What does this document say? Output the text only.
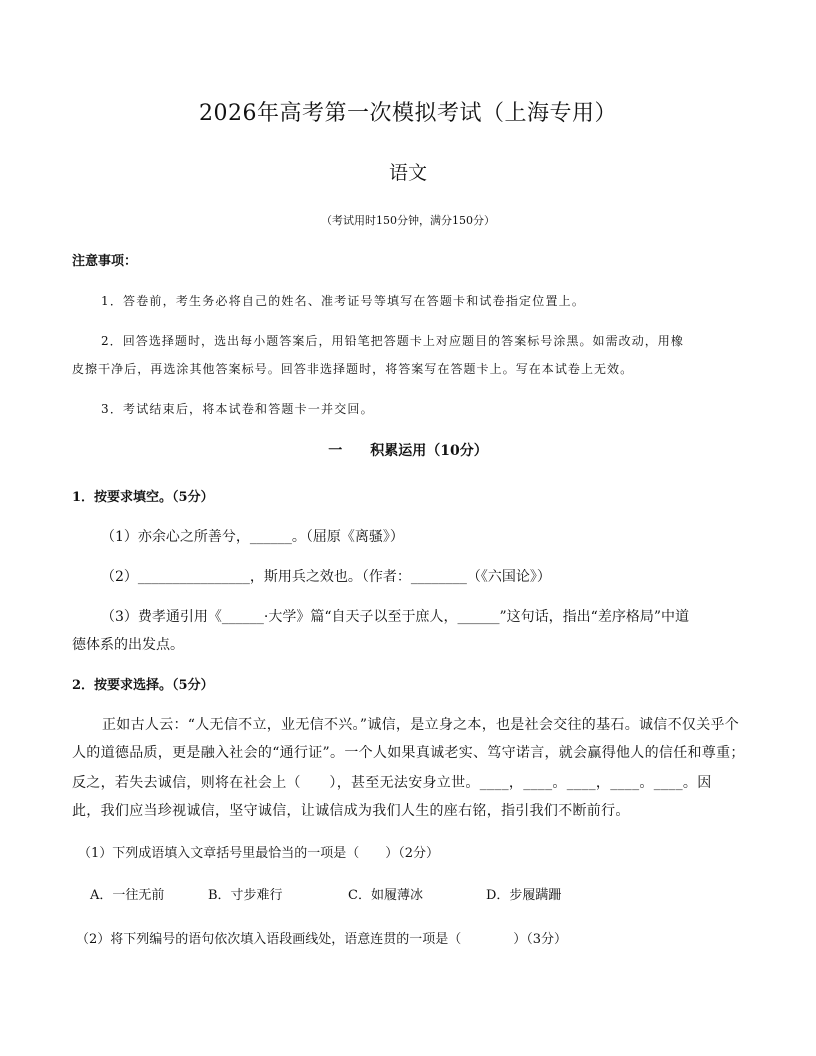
2026年高考第一次模拟考试（上海专用）
语文
（考试用时150分钟，满分150分）
注意事项：
1．答卷前，考生务必将自己的姓名、准考证号等填写在答题卡和试卷指定位置上。
2．回答选择题时，选出每小题答案后，用铅笔把答题卡上对应题目的答案标号涂黑。如需改动，用橡
皮擦干净后，再选涂其他答案标号。回答非选择题时，将答案写在答题卡上。写在本试卷上无效。
3．考试结束后，将本试卷和答题卡一并交回。
一　　积累运用（10分）
1．按要求填空。（5分）
（1）亦余心之所善兮，______。（屈原《离骚》）
（2）________________，斯用兵之效也。（作者：________（《六国论》）
（3）费孝通引用《______·大学》篇“自天子以至于庶人，______”这句话，指出“差序格局”中道
德体系的出发点。
2．按要求选择。（5分）
正如古人云：“人无信不立，业无信不兴。”诚信，是立身之本，也是社会交往的基石。诚信不仅关乎个
人的道德品质，更是融入社会的“通行证”。一个人如果真诚老实、笃守诺言，就会赢得他人的信任和尊重；
反之，若失去诚信，则将在社会上（　　），甚至无法安身立世。____，____。____，____。____。因
此，我们应当珍视诚信，坚守诚信，让诚信成为我们人生的座右铭，指引我们不断前行。
（1）下列成语填入文章括号里最恰当的一项是（　　）（2分）
A．一往无前	B．寸步难行	C．如履薄冰	D．步履蹒跚
（2）将下列编号的语句依次填入语段画线处，语意连贯的一项是（　　　　）（3分）
